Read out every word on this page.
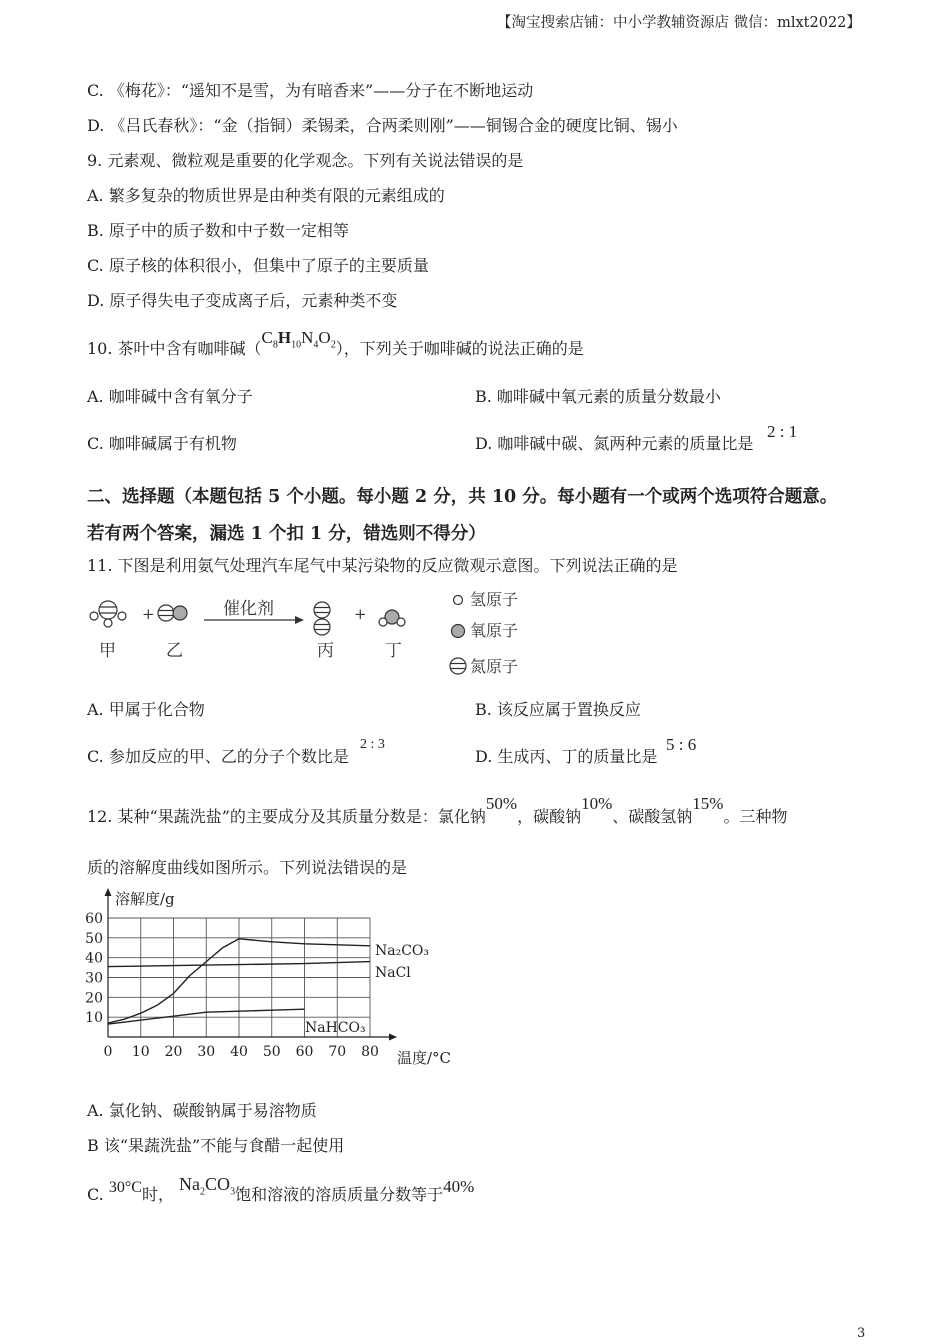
【淘宝搜索店铺：中小学教辅资源店 微信：mlxt2022】
C. 《梅花》：“遥知不是雪，为有暗香来”——分子在不断地运动
D. 《吕氏春秋》：“金（指铜）柔锡柔，合两柔则刚”——铜锡合金的硬度比铜、锡小
9. 元素观、微粒观是重要的化学观念。下列有关说法错误的是
A. 繁多复杂的物质世界是由种类有限的元素组成的
B. 原子中的质子数和中子数一定相等
C. 原子核的体积很小，但集中了原子的主要质量
D. 原子得失电子变成离子后，元素种类不变
10. 茶叶中含有咖啡碱$(C_8H_{10}N_4O_2)$，下列关于咖啡碱的说法正确的是
A. 咖啡碱中含有氧分子	B. 咖啡碱中氧元素的质量分数最小
C. 咖啡碱属于有机物	D. 咖啡碱中碳、氮两种元素的质量比是
2 : 1
二、选择题（本题包括 5 个小题。每小题 2 分，共 10 分。每小题有一个或两个选项符合题意。
若有两个答案，漏选 1 个扣 1 分，错选则不得分）
11. 下图是利用氨气处理汽车尾气中某污染物的反应微观示意图。下列说法正确的是
+	催化剂	+
甲	乙	丙	丁
氢原子
氧原子
氮原子
A. 甲属于化合物	B. 该反应属于置换反应
C. 参加反应的甲、乙的分子个数比是
2 : 3
D. 生成丙、丁的质量比是
5 : 6
12. 某种“果蔬洗盐”的主要成分及其质量分数是：氯化钠50%，碳酸钠10%、碳酸氢钠15%。三种物
质的溶解度曲线如图所示。下列说法错误的是
0 10 20 30 40 50 60 70 80
10
20
30
40
50
60
溶解度/g
温度/°C
Na₂CO₃
NaCl
NaHCO₃
A. 氯化钠、碳酸钠属于易溶物质
B 该“果蔬洗盐”不能与食醋一起使用
C. 30°C时， $Na_2CO_3$饱和溶液的溶质质量分数等于40%
3
